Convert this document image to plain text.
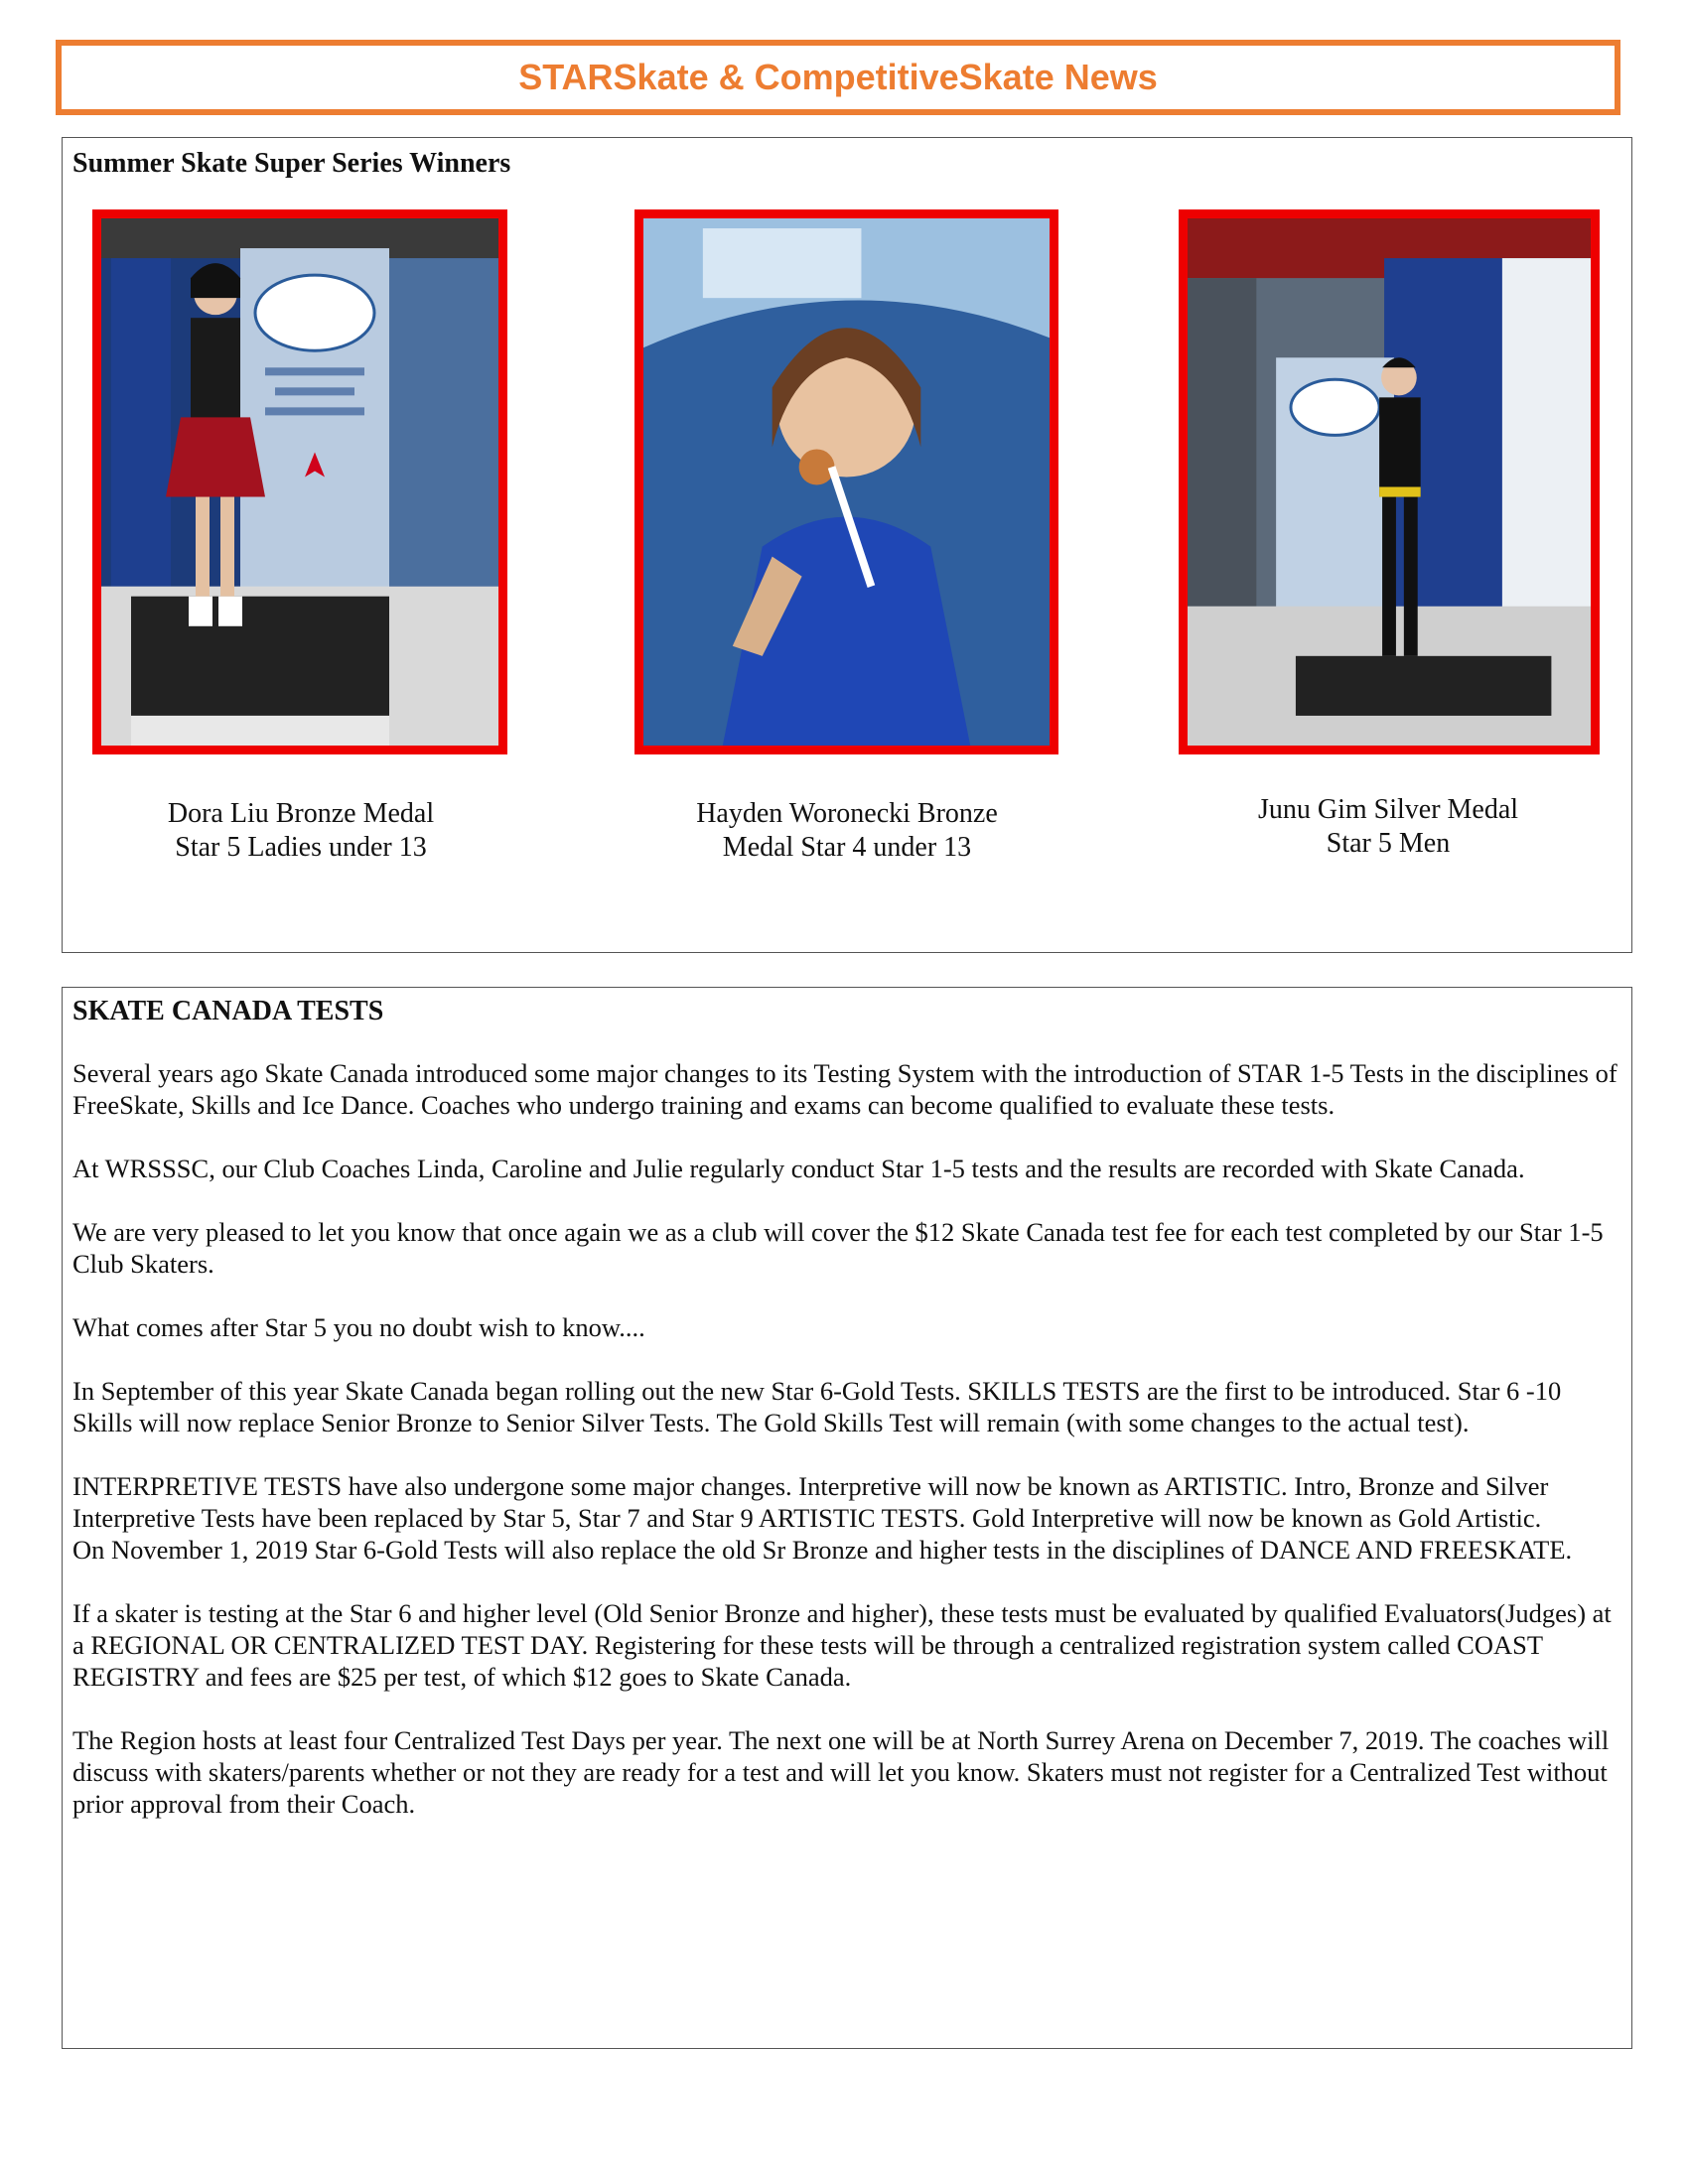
STARSkate & CompetitiveSkate News
Summer Skate Super Series Winners
Dora Liu Bronze Medal
Star 5 Ladies under 13
Hayden Woronecki Bronze
Medal Star 4 under 13
Junu Gim Silver Medal
Star 5 Men
SKATE CANADA TESTS

Several years ago Skate Canada introduced some major changes to its Testing System with the introduction of STAR 1-5 Tests in the disciplines of FreeSkate, Skills and Ice Dance. Coaches who undergo training and exams can become qualified to evaluate these tests.

At WRSSSC, our Club Coaches Linda, Caroline and Julie regularly conduct Star 1-5 tests and the results are recorded with Skate Canada.

We are very pleased to let you know that once again we as a club will cover the $12 Skate Canada test fee for each test completed by our Star 1-5 Club Skaters.

What comes after Star 5 you no doubt wish to know....

In September of this year Skate Canada began rolling out the new Star 6-Gold Tests. SKILLS TESTS are the first to be introduced. Star 6 -10 Skills will now replace Senior Bronze to Senior Silver Tests. The Gold Skills Test will remain (with some changes to the actual test).

INTERPRETIVE TESTS have also undergone some major changes. Interpretive will now be known as ARTISTIC. Intro, Bronze and Silver Interpretive Tests have been replaced by Star 5, Star 7 and Star 9 ARTISTIC TESTS. Gold Interpretive will now be known as Gold Artistic.

On November 1, 2019 Star 6-Gold Tests will also replace the old Sr Bronze and higher tests in the disciplines of DANCE AND FREESKATE.

If a skater is testing at the Star 6 and higher level (Old Senior Bronze and higher), these tests must be evaluated by qualified Evaluators(Judges) at a REGIONAL OR CENTRALIZED TEST DAY. Registering for these tests will be through a centralized registration system called COAST REGISTRY and fees are $25 per test, of which $12 goes to Skate Canada.

The Region hosts at least four Centralized Test Days per year. The next one will be at North Surrey Arena on December 7, 2019. The coaches will discuss with skaters/parents whether or not they are ready for a test and will let you know. Skaters must not register for a Centralized Test without prior approval from their Coach.
